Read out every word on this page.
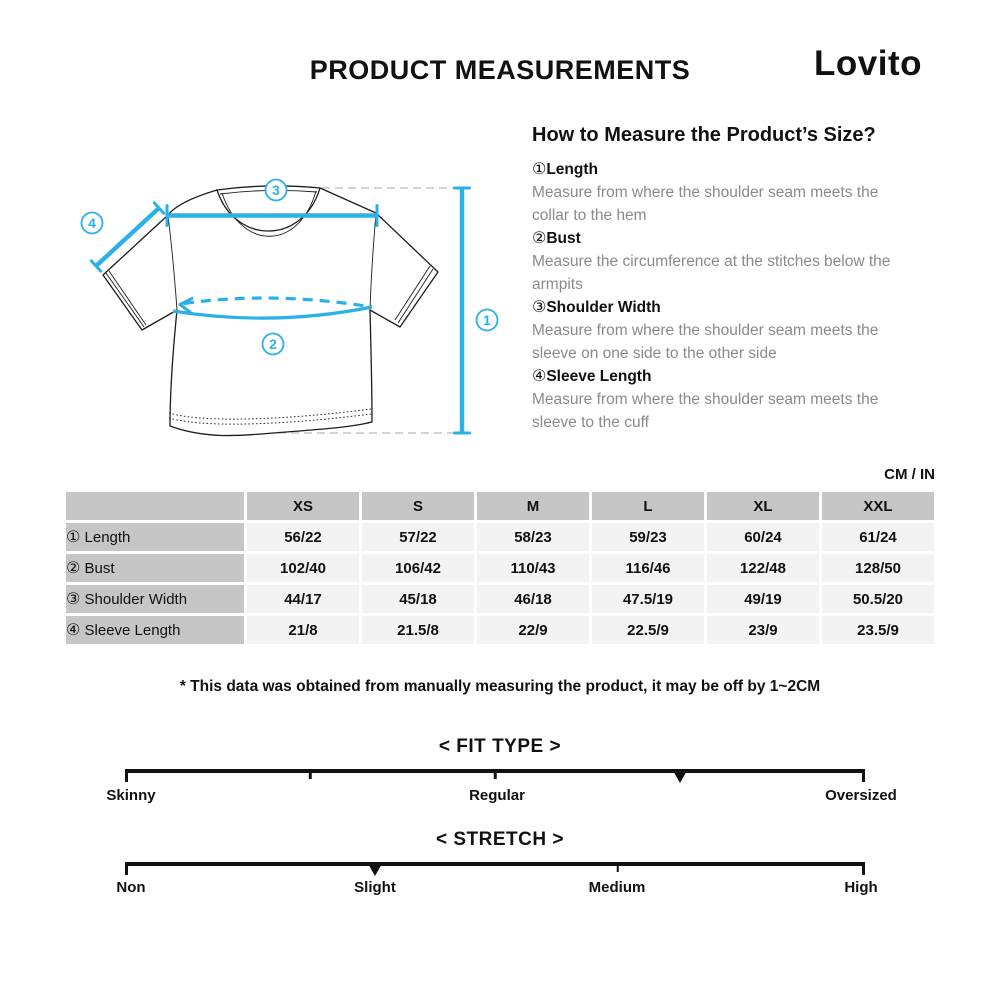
PRODUCT MEASUREMENTS	Lovito
3
4
2
1
How to Measure the Product’s Size?
①Length
Measure from where the shoulder seam meets the collar to the hem
②Bust
Measure the circumference at the stitches below the armpits
③Shoulder Width
Measure from where the shoulder seam meets the sleeve on one side to the other side
④Sleeve Length
Measure from where the shoulder seam meets the sleeve to the cuff
CM / IN
	XS	S	M	L	XL	XXL
① Length	56/22	57/22	58/23	59/23	60/24	61/24
② Bust	102/40	106/42	110/43	116/46	122/48	128/50
③ Shoulder Width	44/17	45/18	46/18	47.5/19	49/19	50.5/20
④ Sleeve Length	21/8	21.5/8	22/9	22.5/9	23/9	23.5/9
* This data was obtained from manually measuring the product, it may be off by 1~2CM
< FIT TYPE >
Skinny	Regular	Oversized
< STRETCH >
Non	Slight	Medium	High
